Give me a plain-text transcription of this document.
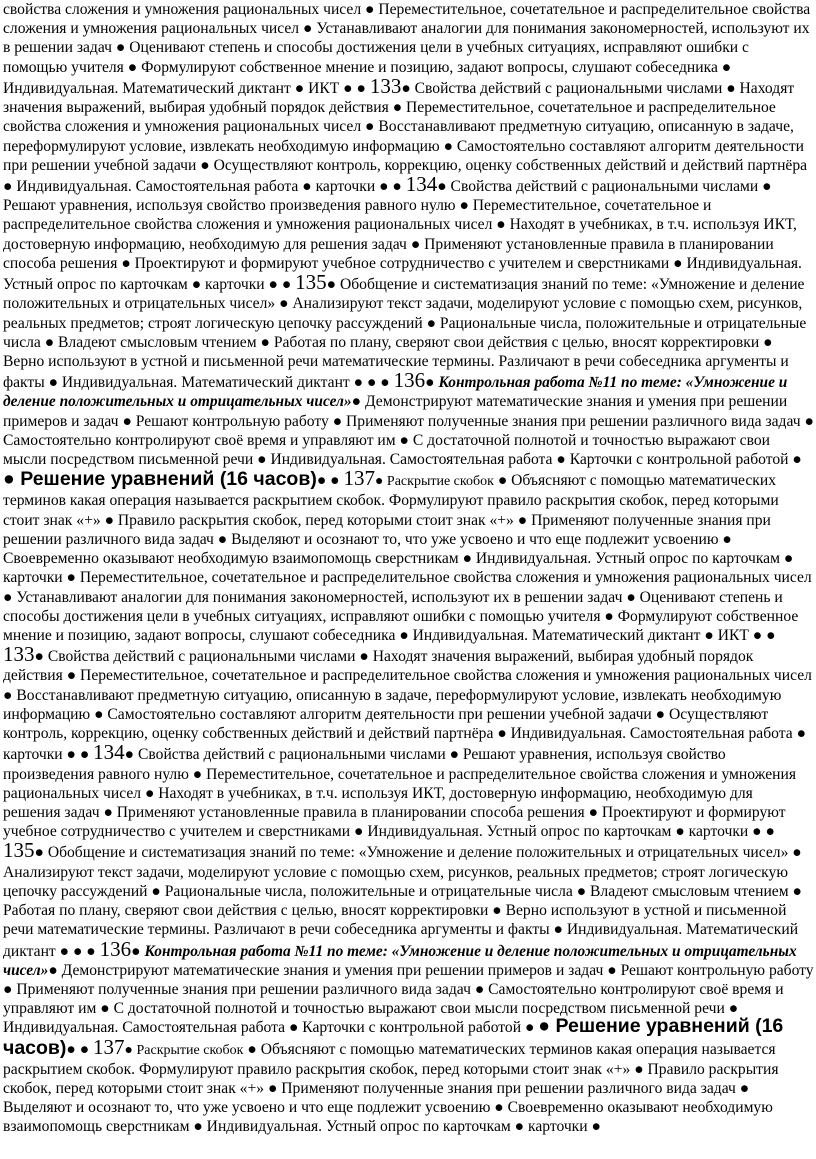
свойства сложения и умножения рациональных чисел ● Переместительное, сочетательное и распределительное свойства сложения и умножения рациональных чисел ● Устанавливают аналогии для понимания закономерностей, используют их в решении задач ● Оценивают степень и способы достижения цели в учебных ситуациях, исправляют ошибки с помощью учителя ● Формулируют собственное мнение и позицию, задают вопросы, слушают собеседника ● Индивидуальная. Математический диктант ● ИКТ ● ● 133● Свойства действий с рациональными числами ● Находят значения выражений, выбирая удобный порядок действия ● Переместительное, сочетательное и распределительное свойства сложения и умножения рациональных чисел ● Восстанавливают предметную ситуацию, описанную в задаче, переформулируют условие, извлекать необходимую информацию ● Самостоятельно составляют алгоритм деятельности при решении учебной задачи ● Осуществляют контроль, коррекцию, оценку собственных действий и действий партнёра ● Индивидуальная. Самостоятельная работа ● карточки ● ● 134● Свойства действий с рациональными числами ● Решают уравнения, используя свойство произведения равного нулю ● Переместительное, сочетательное и распределительное свойства сложения и умножения рациональных чисел ● Находят в учебниках, в т.ч. используя ИКТ, достоверную информацию, необходимую для решения задач ● Применяют установленные правила в планировании способа решения ● Проектируют и формируют учебное сотрудничество с учителем и сверстниками ● Индивидуальная. Устный опрос по карточкам ● карточки ● ● 135● Обобщение и систематизация знаний по теме: «Умножение и деление положительных и отрицательных чисел» ● Анализируют текст задачи, моделируют условие с помощью схем, рисунков, реальных предметов; строят логическую цепочку рассуждений ● Рациональные числа, положительные и отрицательные числа ● Владеют смысловым чтением ● Работая по плану, сверяют свои действия с целью, вносят корректировки ● Верно используют в устной и письменной речи математические термины. Различают в речи собеседника аргументы и факты ● Индивидуальная. Математический диктант ● ● ● 136● Контрольная работа №11 по теме: «Умножение и деление положительных и отрицательных чисел»● Демонстрируют математические знания и умения при решении примеров и задач ● Решают контрольную работу ● Применяют полученные знания при решении различного вида задач ● Самостоятельно контролируют своё время и управляют им ● С достаточной полнотой и точностью выражают свои мысли посредством письменной речи ● Индивидуальная. Самостоятельная работа ● Карточки с контрольной работой ● ● Решение уравнений (16 часов)● ● 137● Раскрытие скобок ● Объясняют с помощью математических терминов какая операция называется раскрытием скобок. Формулируют правило раскрытия скобок, перед которыми стоит знак «+» ● Правило раскрытия скобок, перед которыми стоит знак «+» ● Применяют полученные знания при решении различного вида задач ● Выделяют и осознают то, что уже усвоено и что еще подлежит усвоению ● Своевременно оказывают необходимую взаимопомощь сверстникам ● Индивидуальная. Устный опрос по карточкам ● карточки ● Переместительное, сочетательное и распределительное свойства сложения и умножения рациональных чисел ● Устанавливают аналогии для понимания закономерностей, используют их в решении задач ● Оценивают степень и способы достижения цели в учебных ситуациях, исправляют ошибки с помощью учителя ● Формулируют собственное мнение и позицию, задают вопросы, слушают собеседника ● Индивидуальная. Математический диктант ● ИКТ ● ● 133● Свойства действий с рациональными числами ● Находят значения выражений, выбирая удобный порядок действия ● Переместительное, сочетательное и распределительное свойства сложения и умножения рациональных чисел ● Восстанавливают предметную ситуацию, описанную в задаче, переформулируют условие, извлекать необходимую информацию ● Самостоятельно составляют алгоритм деятельности при решении учебной задачи ● Осуществляют контроль, коррекцию, оценку собственных действий и действий партнёра ● Индивидуальная. Самостоятельная работа ● карточки ● ● 134● Свойства действий с рациональными числами ● Решают уравнения, используя свойство произведения равного нулю ● Переместительное, сочетательное и распределительное свойства сложения и умножения рациональных чисел ● Находят в учебниках, в т.ч. используя ИКТ, достоверную информацию, необходимую для решения задач ● Применяют установленные правила в планировании способа решения ● Проектируют и формируют учебное сотрудничество с учителем и сверстниками ● Индивидуальная. Устный опрос по карточкам ● карточки ● ● 135● Обобщение и систематизация знаний по теме: «Умножение и деление положительных и отрицательных чисел» ● Анализируют текст задачи, моделируют условие с помощью схем, рисунков, реальных предметов; строят логическую цепочку рассуждений ● Рациональные числа, положительные и отрицательные числа ● Владеют смысловым чтением ● Работая по плану, сверяют свои действия с целью, вносят корректировки ● Верно используют в устной и письменной речи математические термины. Различают в речи собеседника аргументы и факты ● Индивидуальная. Математический диктант ● ● ● 136● Контрольная работа №11 по теме: «Умножение и деление положительных и отрицательных чисел»● Демонстрируют математические знания и умения при решении примеров и задач ● Решают контрольную работу ● Применяют полученные знания при решении различного вида задач ● Самостоятельно контролируют своё время и управляют им ● С достаточной полнотой и точностью выражают свои мысли посредством письменной речи ● Индивидуальная. Самостоятельная работа ● Карточки с контрольной работой ● ● Решение уравнений (16 часов)● ● 137● Раскрытие скобок ● Объясняют с помощью математических терминов какая операция называется раскрытием скобок. Формулируют правило раскрытия скобок, перед которыми стоит знак «+» ● Правило раскрытия скобок, перед которыми стоит знак «+» ● Применяют полученные знания при решении различного вида задач ● Выделяют и осознают то, что уже усвоено и что еще подлежит усвоению ● Своевременно оказывают необходимую взаимопомощь сверстникам ● Индивидуальная. Устный опрос по карточкам ● карточки ●
